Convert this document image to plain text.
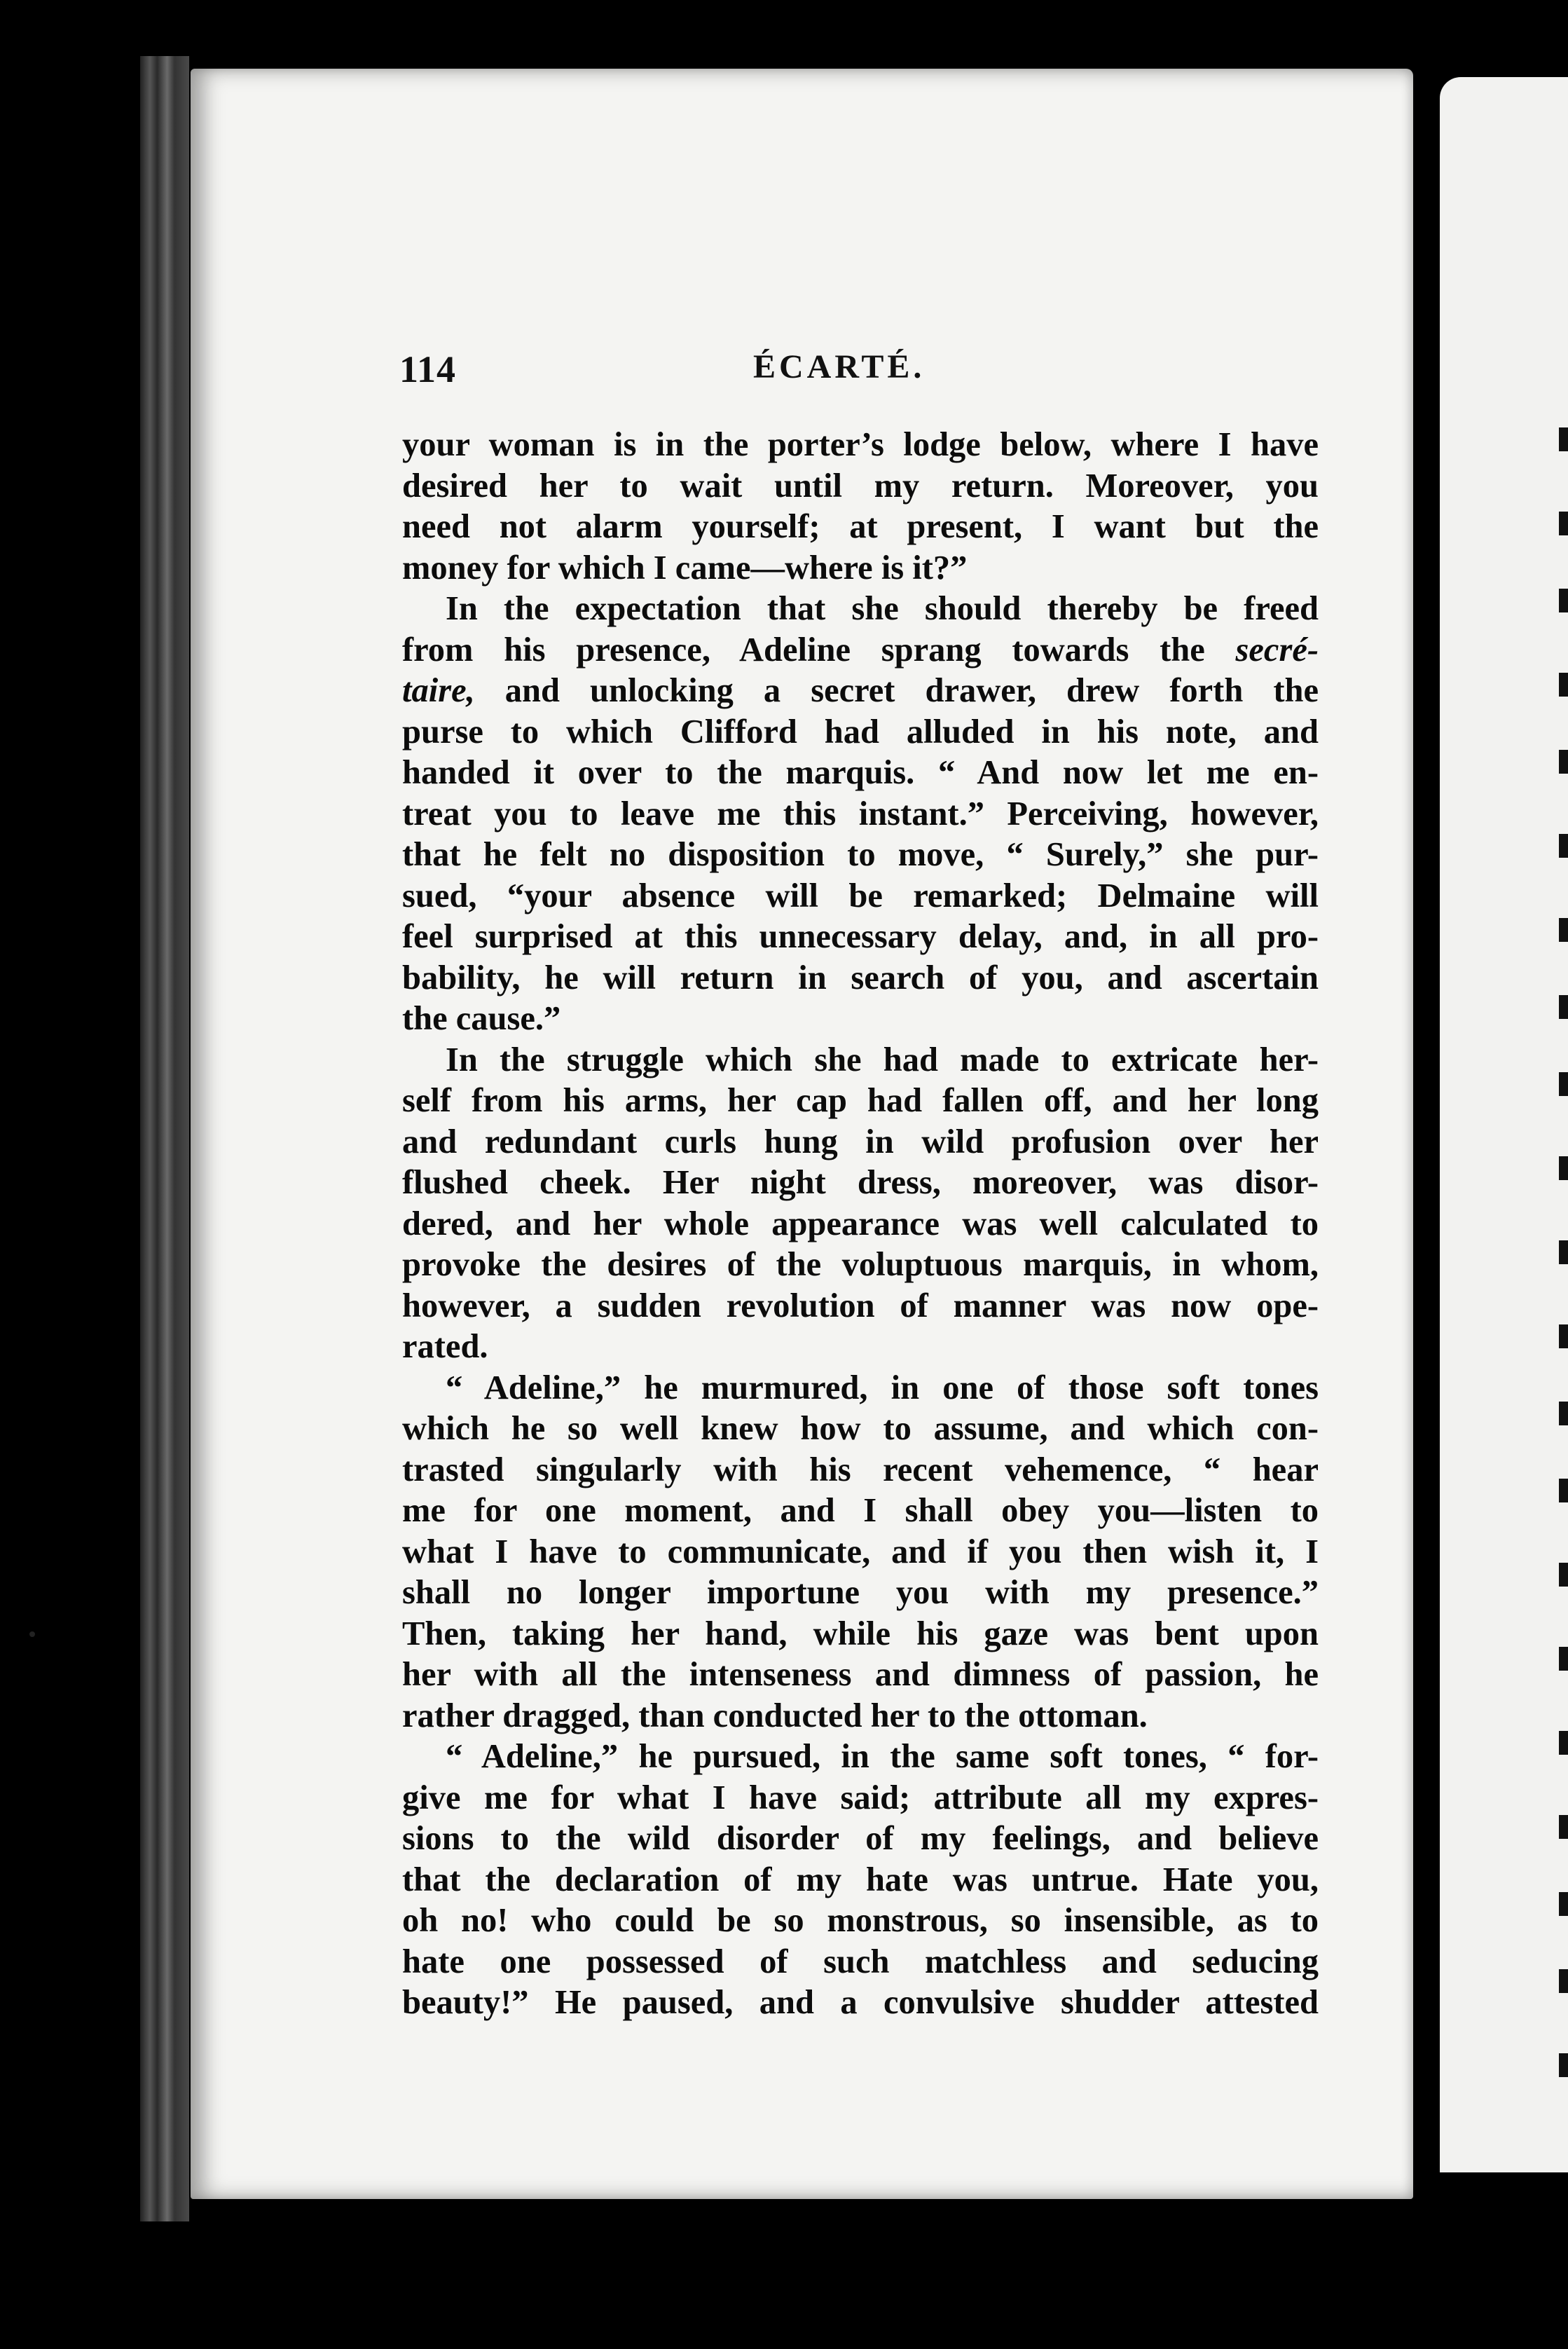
114	ÉCARTÉ.
your woman is in the porter’s lodge below, where I have
desired her to wait until my return. Moreover, you
need not alarm yourself; at present, I want but the
money for which I came—where is it?”
In the expectation that she should thereby be freed
from his presence, Adeline sprang towards the secré-
taire, and unlocking a secret drawer, drew forth the
purse to which Clifford had alluded in his note, and
handed it over to the marquis. “ And now let me en-
treat you to leave me this instant.” Perceiving, however,
that he felt no disposition to move, “ Surely,” she pur-
sued, “your absence will be remarked; Delmaine will
feel surprised at this unnecessary delay, and, in all pro-
bability, he will return in search of you, and ascertain
the cause.”
In the struggle which she had made to extricate her-
self from his arms, her cap had fallen off, and her long
and redundant curls hung in wild profusion over her
flushed cheek. Her night dress, moreover, was disor-
dered, and her whole appearance was well calculated to
provoke the desires of the voluptuous marquis, in whom,
however, a sudden revolution of manner was now ope-
rated.
“ Adeline,” he murmured, in one of those soft tones
which he so well knew how to assume, and which con-
trasted singularly with his recent vehemence, “ hear
me for one moment, and I shall obey you—listen to
what I have to communicate, and if you then wish it, I
shall no longer importune you with my presence.”
Then, taking her hand, while his gaze was bent upon
her with all the intenseness and dimness of passion, he
rather dragged, than conducted her to the ottoman.
“ Adeline,” he pursued, in the same soft tones, “ for-
give me for what I have said; attribute all my expres-
sions to the wild disorder of my feelings, and believe
that the declaration of my hate was untrue. Hate you,
oh no! who could be so monstrous, so insensible, as to
hate one possessed of such matchless and seducing
beauty!” He paused, and a convulsive shudder attested
